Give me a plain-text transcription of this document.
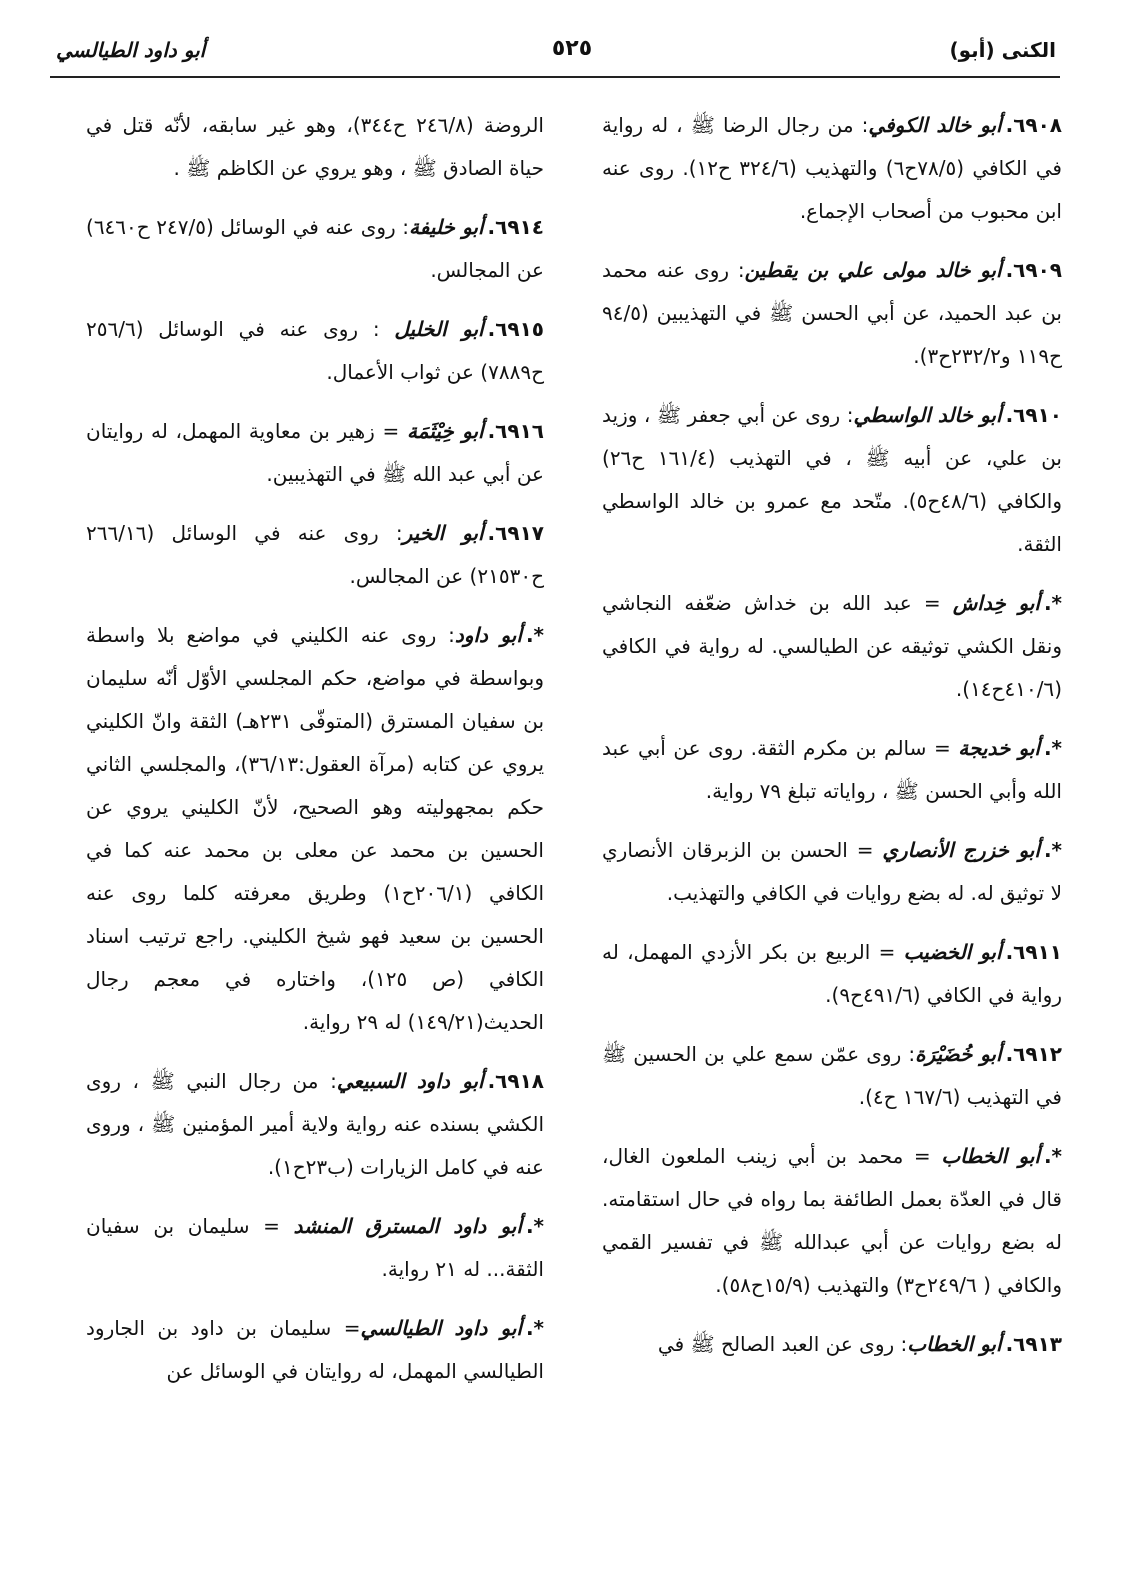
الكنى (أبو)
٥٢٥
أبو داود الطيالسي

٦٩٠٨.أبو خالد الكوفي: من رجال الرضا ﷺ ، له رواية في الكافي (٧٨/٥ح٦) والتهذيب (٣٢٤/٦ ح١٢). روى عنه ابن محبوب من أصحاب الإجماع.

٦٩٠٩.أبو خالد مولى علي بن يقطين: روى عنه محمد بن عبد الحميد، عن أبي الحسن ﷺ في التهذيبين (٩٤/٥ ح١١٩ و٢٣٢/٢ح٣).

٦٩١٠.أبو خالد الواسطي: روى عن أبي جعفر ﷺ ، وزيد بن علي، عن أبيه ﷺ ، في التهذيب (١٦١/٤ ح٢٦) والكافي (٤٨/٦ح٥). متّحد مع عمرو بن خالد الواسطي الثقة.

*.أبو خِداش = عبد الله بن خداش ضعّفه النجاشي ونقل الكشي توثيقه عن الطيالسي. له رواية في الكافي (٤١٠/٦ح١٤).

*.أبو خديجة = سالم بن مكرم الثقة. روى عن أبي عبد الله وأبي الحسن ﷺ ، رواياته تبلغ ٧٩ رواية.

*.أبو خزرج الأنصاري = الحسن بن الزبرقان الأنصاري لا توثيق له. له بضع روايات في الكافي والتهذيب.

٦٩١١.أبو الخضيب = الربيع بن بكر الأزدي المهمل، له رواية في الكافي (٤٩١/٦ح٩).

٦٩١٢.أبو خُضَيْرَة: روى عمّن سمع علي بن الحسين ﷺ في التهذيب (١٦٧/٦ ح٤).

*.أبو الخطاب = محمد بن أبي زينب الملعون الغال، قال في العدّة بعمل الطائفة بما رواه في حال استقامته. له بضع روايات عن أبي عبدالله ﷺ في تفسير القمي والكافي ( ٢٤٩/٦ح٣) والتهذيب (١٥/٩ح٥٨).

٦٩١٣.أبو الخطاب: روى عن العبد الصالح ﷺ في

الروضة (٢٤٦/٨ ح٣٤٤)، وهو غير سابقه، لأنّه قتل في حياة الصادق ﷺ ، وهو يروي عن الكاظم ﷺ .

٦٩١٤.أبو خليفة: روى عنه في الوسائل (٢٤٧/٥ ح٦٤٦٠) عن المجالس.

٦٩١٥.أبو الخليل : روى عنه في الوسائل (٢٥٦/٦ ح٧٨٨٩) عن ثواب الأعمال.

٦٩١٦.أبو خِيْثَمَة = زهير بن معاوية المهمل، له روايتان عن أبي عبد الله ﷺ في التهذيبين.

٦٩١٧.أبو الخير: روى عنه في الوسائل (٢٦٦/١٦ ح٢١٥٣٠) عن المجالس.

*.أبو داود: روى عنه الكليني في مواضع بلا واسطة وبواسطة في مواضع، حكم المجلسي الأوّل أنّه سليمان بن سفيان المسترق (المتوفّى ٢٣١هـ) الثقة وانّ الكليني يروي عن كتابه (مرآة العقول:٣٦/١٣)، والمجلسي الثاني حكم بمجهوليته وهو الصحيح، لأنّ الكليني يروي عن الحسين بن محمد عن معلى بن محمد عنه كما في الكافي (٢٠٦/١ح١) وطريق معرفته كلما روى عنه الحسين بن سعيد فهو شيخ الكليني. راجع ترتيب اسناد الكافي (ص ١٢٥)، واختاره في معجم رجال الحديث(١٤٩/٢١) له ٢٩ رواية.

٦٩١٨.أبو داود السبيعي: من رجال النبي ﷺ ، روى الكشي بسنده عنه رواية ولاية أمير المؤمنين ﷺ ، وروى عنه في كامل الزيارات (ب٢٣ح١).

*.أبو داود المسترق المنشد = سليمان بن سفيان الثقة... له ٢١ رواية.

*.أبو داود الطيالسي= سليمان بن داود بن الجارود الطيالسي المهمل، له روايتان في الوسائل عن
